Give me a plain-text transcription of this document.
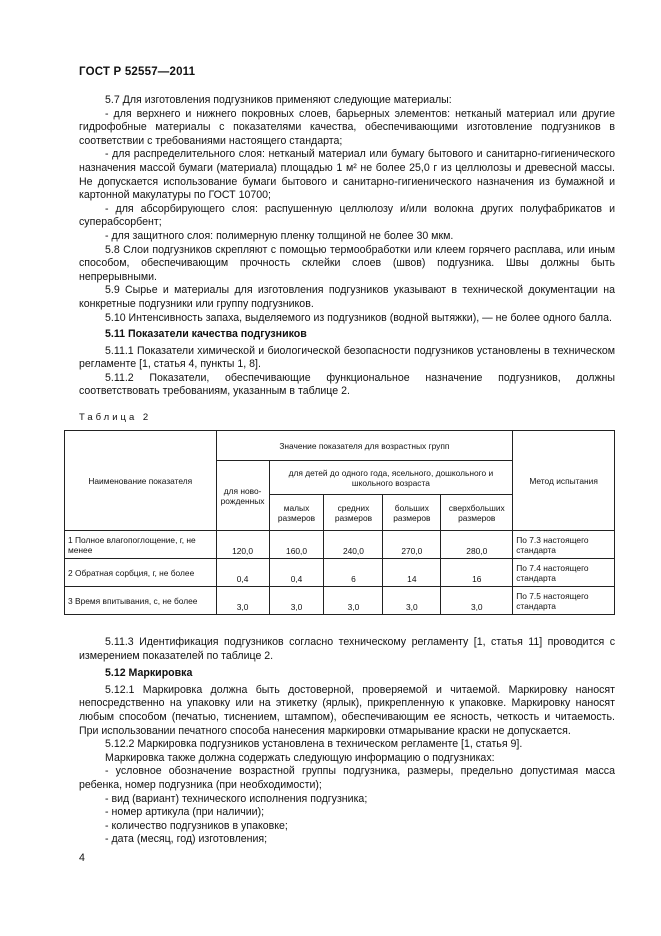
ГОСТ Р 52557—2011

5.7 Для изготовления подгузников применяют следующие материалы:

- для верхнего и нижнего покровных слоев, барьерных элементов: нетканый материал или другие гидрофобные материалы с показателями качества, обеспечивающими изготовление подгузников в соответствии с требованиями настоящего стандарта;

- для распределительного слоя: нетканый материал или бумагу бытового и санитарно-гигиенического назначения массой бумаги (материала) площадью 1 м² не более 25,0 г из целлюлозы и древесной массы. Не допускается использование бумаги бытового и санитарно-гигиенического назначения из бумажной и картонной макулатуры по ГОСТ 10700;

- для абсорбирующего слоя: распушенную целлюлозу и/или волокна других полуфабрикатов и суперабсорбент;

- для защитного слоя: полимерную пленку толщиной не более 30 мкм.

5.8 Слои подгузников скрепляют с помощью термообработки или клеем горячего расплава, или иным способом, обеспечивающим прочность склейки слоев (швов) подгузника. Швы должны быть непрерывными.

5.9 Сырье и материалы для изготовления подгузников указывают в технической документации на конкретные подгузники или группу подгузников.

5.10 Интенсивность запаха, выделяемого из подгузников (водной вытяжки), — не более одного балла.

5.11 Показатели качества подгузников

5.11.1 Показатели химической и биологической безопасности подгузников установлены в техническом регламенте [1, статья 4, пункты 1, 8].

5.11.2 Показатели, обеспечивающие функциональное назначение подгузников, должны соответствовать требованиям, указанным в таблице 2.

Таблица 2
Наименование показателя	Значение показателя для возрастных групп					Метод испытания
	для ново-рожденных	для детей до одного года, ясельного, дошкольного и школьного возраста				
		малых размеров	средних размеров	больших размеров	сверхбольших размеров	
1 Полное влагопоглощение, г, не менее	120,0	160,0	240,0	270,0	280,0	По 7.3 настоящего стандарта
2 Обратная сорбция, г, не более	0,4	0,4	6	14	16	По 7.4 настоящего стандарта
3 Время впитывания, с, не более	3,0	3,0	3,0	3,0	3,0	По 7.5 настоящего стандарта

5.11.3 Идентификация подгузников согласно техническому регламенту [1, статья 11] проводится с измерением показателей по таблице 2.

5.12 Маркировка

5.12.1 Маркировка должна быть достоверной, проверяемой и читаемой. Маркировку наносят непосредственно на упаковку или на этикетку (ярлык), прикрепленную к упаковке. Маркировку наносят любым способом (печатью, тиснением, штампом), обеспечивающим ее ясность, четкость и читаемость. При использовании печатного способа нанесения маркировки отмарывание краски не допускается.

5.12.2 Маркировка подгузников установлена в техническом регламенте [1, статья 9].

Маркировка также должна содержать следующую информацию о подгузниках:

- условное обозначение возрастной группы подгузника, размеры, предельно допустимая масса ребенка, номер подгузника (при необходимости);

- вид (вариант) технического исполнения подгузника;

- номер артикула (при наличии);

- количество подгузников в упаковке;

- дата (месяц, год) изготовления;

4
